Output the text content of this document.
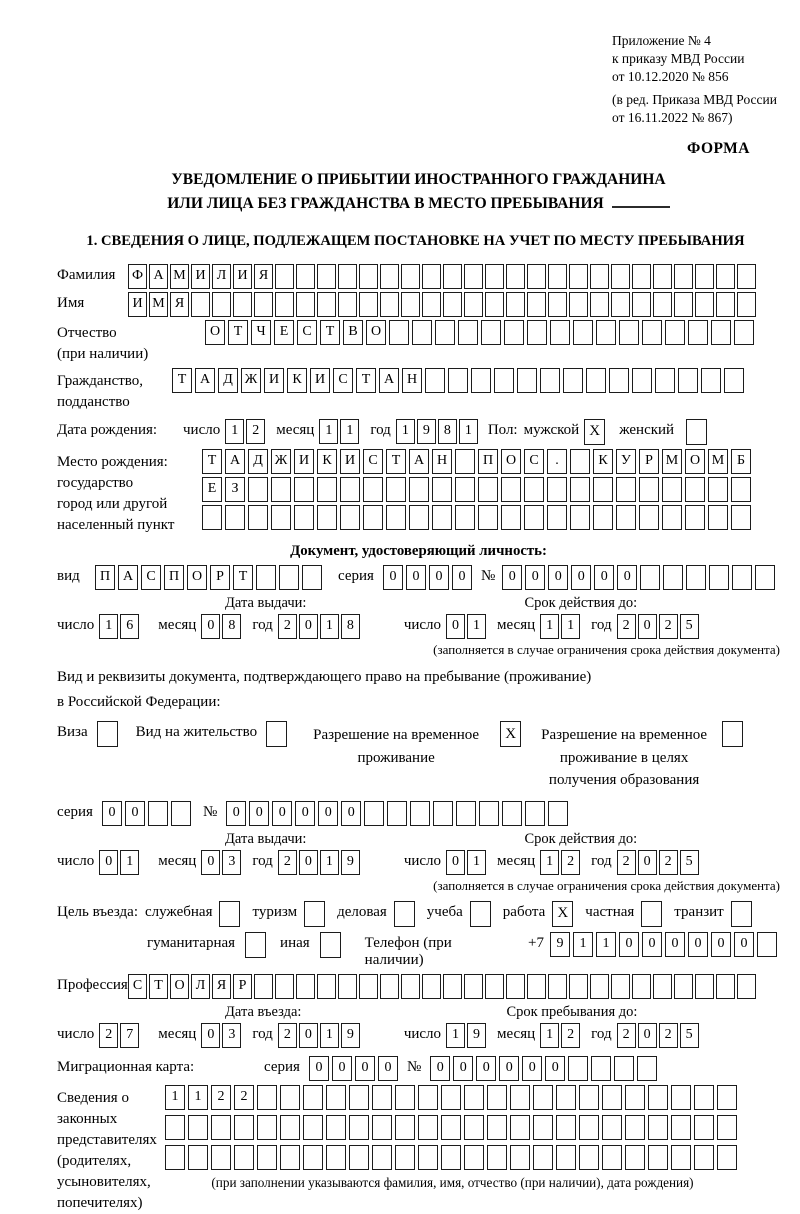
Приложение № 4
к приказу МВД России
от 10.12.2020 № 856
(в ред. Приказа МВД России
от 16.11.2022 № 867)
ФОРМА
УВЕДОМЛЕНИЕ О ПРИБЫТИИ ИНОСТРАННОГО ГРАЖДАНИНА
ИЛИ ЛИЦА БЕЗ ГРАЖДАНСТВА В МЕСТО ПРЕБЫВАНИЯ
1. СВЕДЕНИЯ О ЛИЦЕ, ПОДЛЕЖАЩЕМ ПОСТАНОВКЕ НА УЧЕТ ПО МЕСТУ ПРЕБЫВАНИЯ
Фамилия	Ф А М И Л И Я
Имя	И М Я
Отчество
(при наличии)
О Т	Ч	Е	С	Т	В О
Гражданство,
подданство
Т А Д Ж И К И С	Т А Н
Дата рождения:	число 1	2	месяц 1	1	год 1	9	8	1	Пол: мужской X	женский
Место рождения:
государство
город или другой
населенный пункт
Т А Д Ж И К И С	Т А Н	П О С	.	К У	Р М О М Б
Е	З
Документ, удостоверяющий личность:
вид	П А С П О	Р	Т	серия	0	0	0	0	№ 0	0	0	0	0	0
Дата выдачи:	Срок действия до:
число 1	6	месяц 0	8	год 2	0	1	8	число 0	1	месяц 1	1	год 2	0	2	5
(заполняется в случае ограничения срока действия документа)
Вид и реквизиты документа, подтверждающего право на пребывание (проживание)
в Российской Федерации:
Виза	Вид на жительство	Разрешение на временное
проживание
X	Разрешение на временное
проживание в целях
получения образования
серия	0	0	№	0	0	0	0	0	0
Дата выдачи:	Срок действия до:
число 0	1	месяц 0	3	год 2	0	1	9	число 0	1	месяц 1	2	год 2	0	2	5
(заполняется в случае ограничения срока действия документа)
Цель въезда: служебная	туризм	деловая	учеба	работа X	частная	транзит
гуманитарная	иная	Телефон (при наличии)
+7 9	1	1	0	0	0	0	0	0
Профессия С Т О Л Я Р
Дата въезда:	Срок пребывания до:
число 2	7	месяц 0	3	год 2	0	1	9	число 1	9	месяц 1	2	год 2	0	2	5
Миграционная карта:	серия	0	0	0	0	№	0	0	0	0	0	0
Сведения о
законных
представителях
(родителях,
усыновителях,
попечителях)
1	1	2	2
(при заполнении указываются фамилия, имя, отчество (при наличии), дата рождения)
